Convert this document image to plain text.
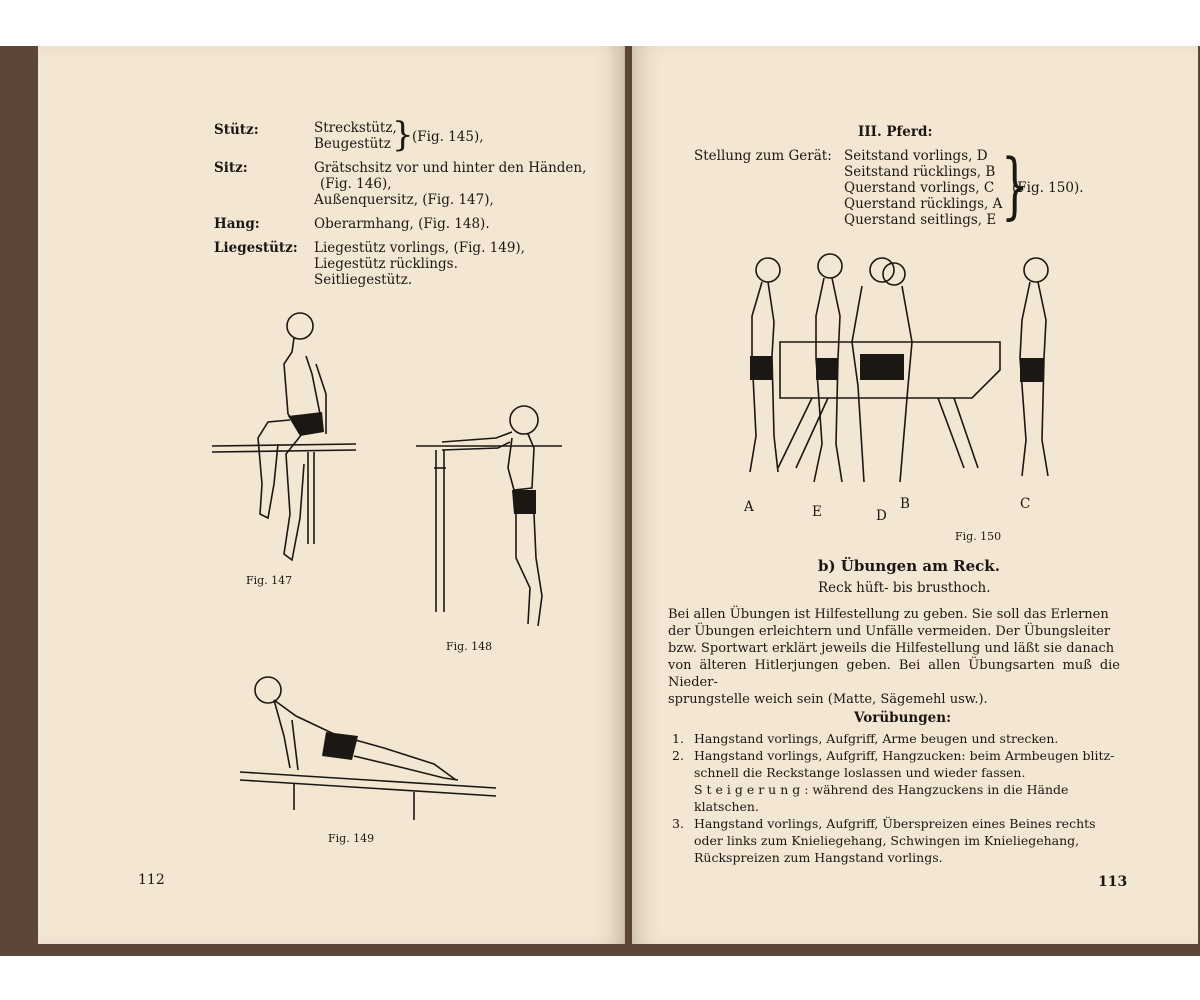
Stütz:	Streckstütz,
Beugestütz }
(Fig. 145),
Sitz:	Grätschsitz vor und hinter den Händen,
(Fig. 146),
Außenquersitz, (Fig. 147),
Hang:	Oberarmhang, (Fig. 148).
Liegestütz: Liegestütz vorlings, (Fig. 149),
Liegestütz rücklings.
Seitliegestütz.
Fig. 147
Fig. 148
Fig. 149
112
III. Pferd:
Stellung zum Gerät: Seitstand vorlings, D
Seitstand rücklings, B
Querstand vorlings, C
Querstand rücklings, A
Querstand seitlings, E }
(Fig. 150).
A	E	D
B	C
Fig. 150
b) Übungen am Reck.
Reck hüft- bis brusthoch.
Bei allen Übungen ist Hilfestellung zu geben. Sie soll das Erlernen
der Übungen erleichtern und Unfälle vermeiden. Der Übungsleiter
bzw. Sportwart erklärt jeweils die Hilfestellung und läßt sie danach
von älteren Hitlerjungen geben. Bei allen Übungsarten muß die Nieder-
sprungstelle weich sein (Matte, Sägemehl usw.).
Vorübungen:
1. Hangstand vorlings, Aufgriff, Arme beugen und strecken.
2. Hangstand vorlings, Aufgriff, Hangzucken: beim Armbeugen blitz-
schnell die Reckstange loslassen und wieder fassen.
S t e i g e r u n g : während des Hangzuckens in die Hände
klatschen.
3. Hangstand vorlings, Aufgriff, Überspreizen eines Beines rechts
oder links zum Knieliegehang, Schwingen im Knieliegehang,
Rückspreizen zum Hangstand vorlings.
113
